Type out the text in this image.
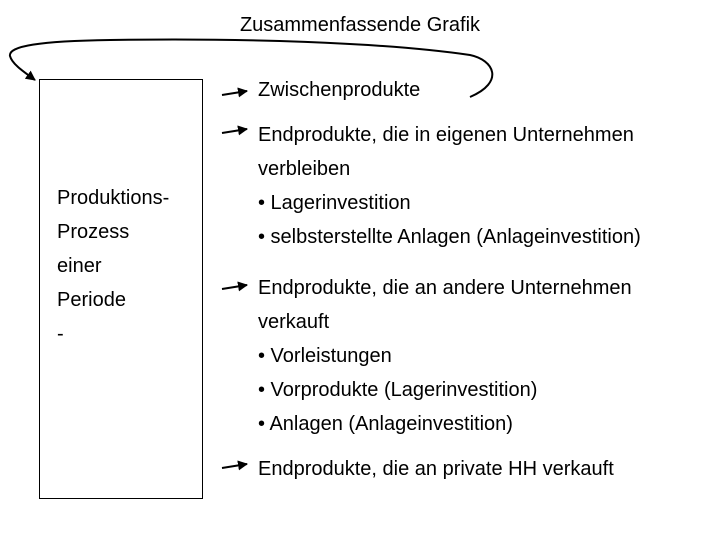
Zusammenfassende Grafik
Produktions-
Prozess
einer
Periode
-
Zwischenprodukte
Endprodukte, die in eigenen Unternehmen
verbleiben
• Lagerinvestition
• selbsterstellte Anlagen (Anlageinvestition)
Endprodukte, die an andere Unternehmen
verkauft
• Vorleistungen
• Vorprodukte (Lagerinvestition)
• Anlagen (Anlageinvestition)
Endprodukte, die an private HH verkauft
